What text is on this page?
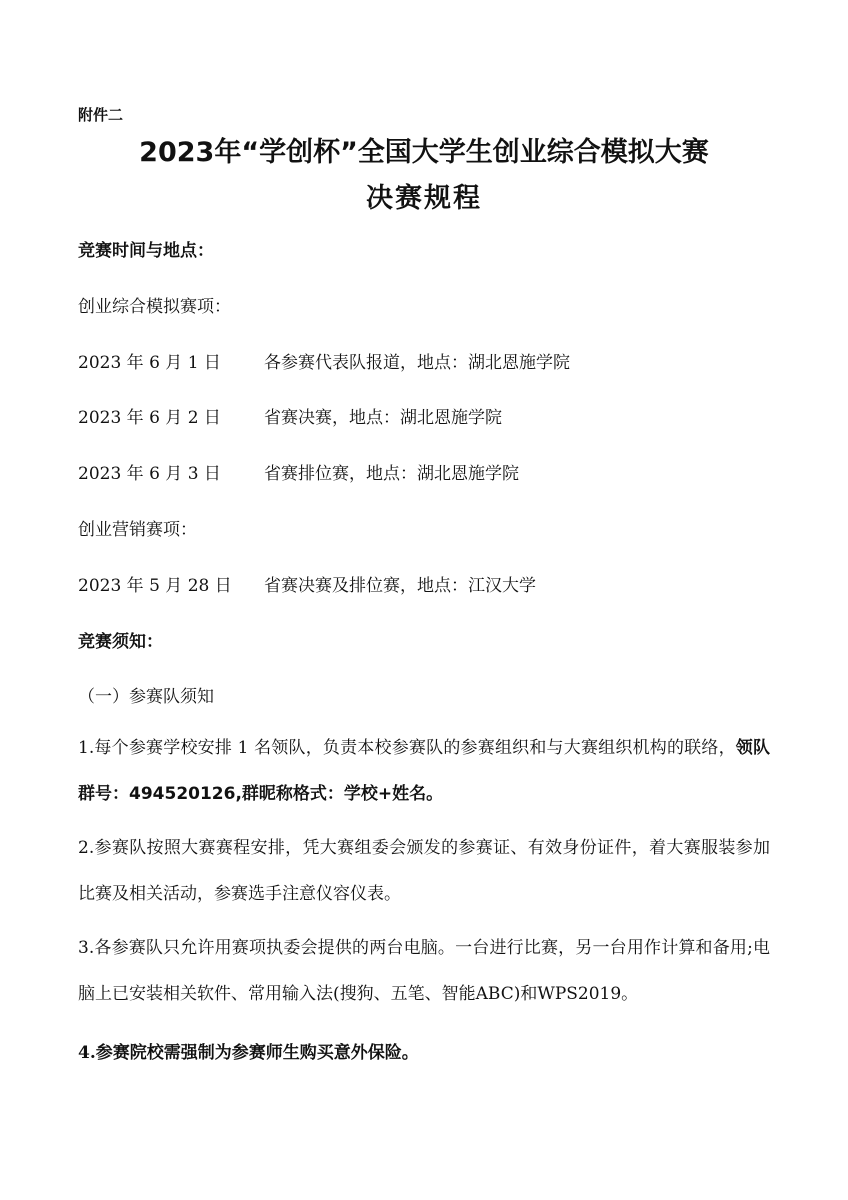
附件二
2023年“学创杯”全国大学生创业综合模拟大赛
决赛规程
竞赛时间与地点：
创业综合模拟赛项：
2023 年 6 月 1 日	各参赛代表队报道，地点：湖北恩施学院
2023 年 6 月 2 日	省赛决赛，地点：湖北恩施学院
2023 年 6 月 3 日	省赛排位赛，地点：湖北恩施学院
创业营销赛项：
2023 年 5 月 28 日 省赛决赛及排位赛，地点：江汉大学
竞赛须知：
（一）参赛队须知
1.每个参赛学校安排 1 名领队，负责本校参赛队的参赛组织和与大赛组织机构的联络，领队群号：494520126,群昵称格式：学校+姓名。
2.参赛队按照大赛赛程安排，凭大赛组委会颁发的参赛证、有效身份证件，着大赛服装参加比赛及相关活动，参赛选手注意仪容仪表。
3.各参赛队只允许用赛项执委会提供的两台电脑。一台进行比赛，另一台用作计算和备用;电脑上已安装相关软件、常用输入法(搜狗、五笔、智能ABC)和WPS2019。
4.参赛院校需强制为参赛师生购买意外保险。
